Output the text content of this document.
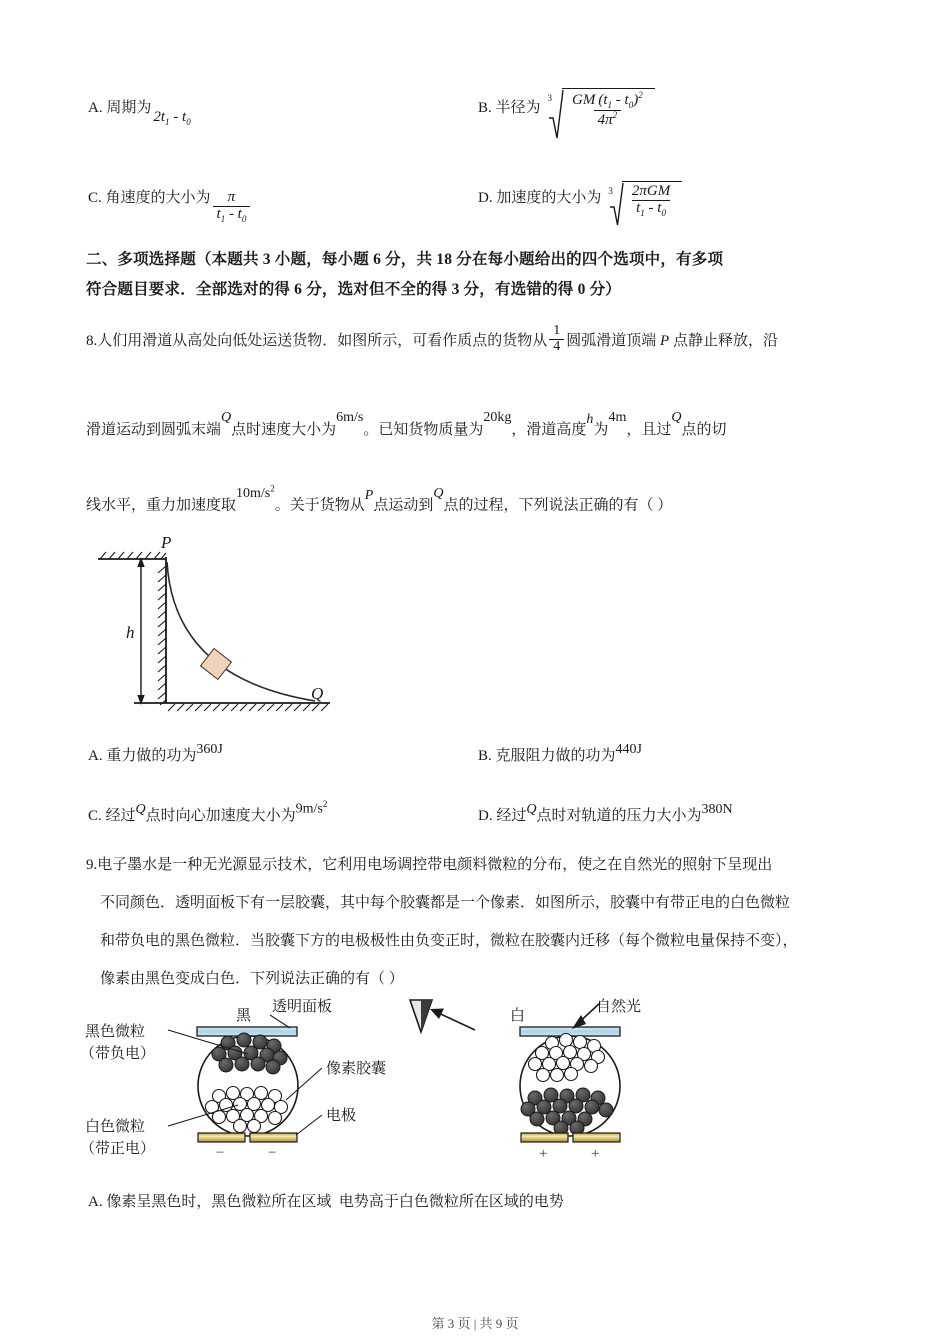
A. 周期为
$2t_1 - t_0$
B. 半径为
$3 \frac{GM (t_1 - t_0)^2}{4\pi^2}$
C. 角速度的大小为 $\frac{\pi}{t_1 - t_0}$	D. 加速度的大小为 $3 \frac{\text{2πGM}}{t_1 - t_0}$
二、多项选择题（本题共 3 小题，每小题 6 分，共 18 分在每小题给出的四个选项中，有多项
符合题目要求．全部选对的得 6 分，选对但不全的得 3 分，有选错的得 0 分）
8.人们用滑道从高处向低处运送货物．如图所示，可看作质点的货物从 $\frac{1}{4}$ 圆弧滑道顶端 P 点静止释放，沿
滑道运动到圆弧末端Q点时速度大小为6m/s。已知货物质量为20kg，滑道高度h为4m，且过Q点的切
线水平，重力加速度取$10m/s^2$。关于货物从P点运动到Q点的过程，下列说法正确的有（ ）
h
P
Q
A. 重力做的功为 360J	B. 克服阻力做的功为 440J
C. 经过 Q 点时向心加速度大小为 $9m/s^2$
D. 经过 Q 点时对轨道的压力大小为 380N
9.电子墨水是一种无光源显示技术，它利用电场调控带电颜料微粒的分布，使之在自然光的照射下呈现出
不同颜色．透明面板下有一层胶囊，其中每个胶囊都是一个像素．如图所示，胶囊中有带正电的白色微粒
和带负电的黑色微粒．当胶囊下方的电极极性由负变正时，微粒在胶囊内迁移（每个微粒电量保持不变），
像素由黑色变成白色．下列说法正确的有（ ）
−	−
黑色微粒
（带负电）
白色微粒
（带正电）
黑
透明面板
像素胶囊
电极
+	+
白
自然光
A. 像素呈黑色时，黑色微粒所在区域
电势高于白色微粒所在区域的电势
第 3 页 | 共 9 页
